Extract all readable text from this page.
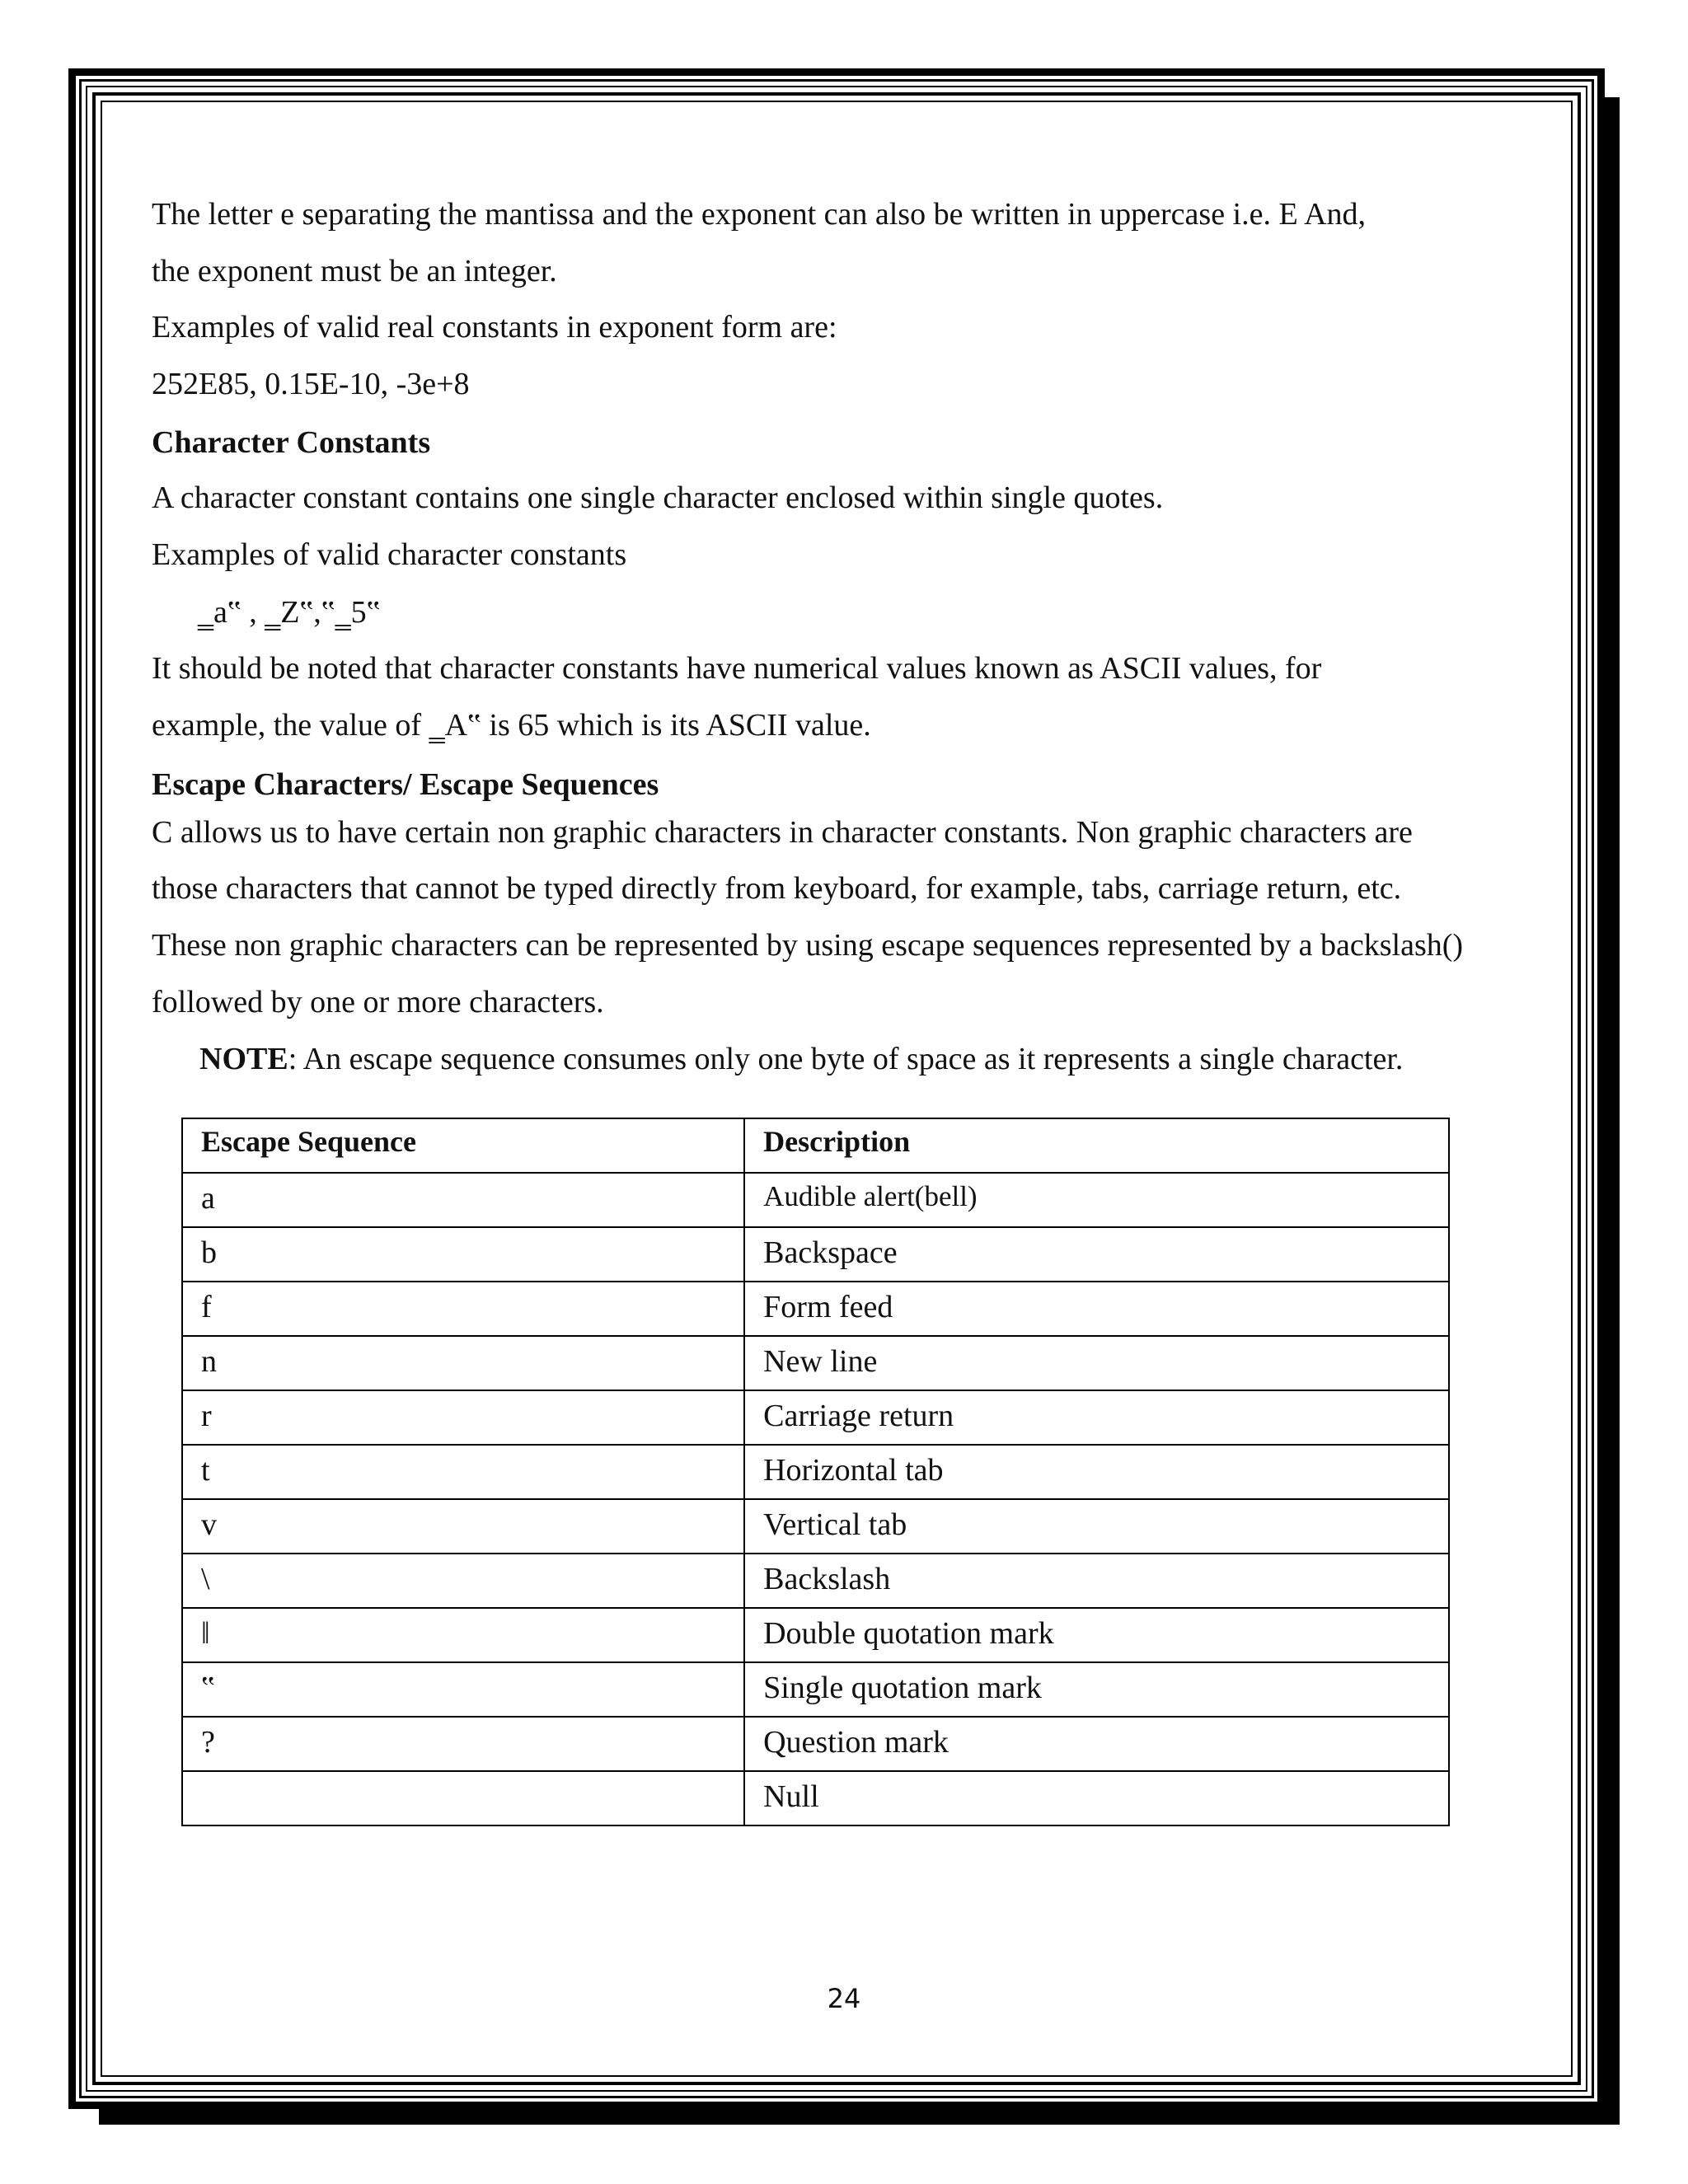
The letter e separating the mantissa and the exponent can also be written in uppercase i.e. E And,

the exponent must be an integer.

Examples of valid real constants in exponent form are:

252E85, 0.15E-10, -3e+8

Character Constants

A character constant contains one single character enclosed within single quotes.

Examples of valid character constants

‗a‟ , ‗Z‟,‟‗5‟

It should be noted that character constants have numerical values known as ASCII values, for

example, the value of ‗A‟ is 65 which is its ASCII value.

Escape Characters/ Escape Sequences

C allows us to have certain non graphic characters in character constants. Non graphic characters are

those characters that cannot be typed directly from keyboard, for example, tabs, carriage return, etc.

These non graphic characters can be represented by using escape sequences represented by a backslash()

followed by one or more characters.

NOTE: An escape sequence consumes only one byte of space as it represents a single character.

Escape Sequence	Description
a	Audible alert(bell)
b	Backspace
f	Form feed
n	New line
r	Carriage return
t	Horizontal tab
v	Vertical tab
\	Backslash
‖	Double quotation mark
‟	Single quotation mark
?	Question mark
	Null
24
